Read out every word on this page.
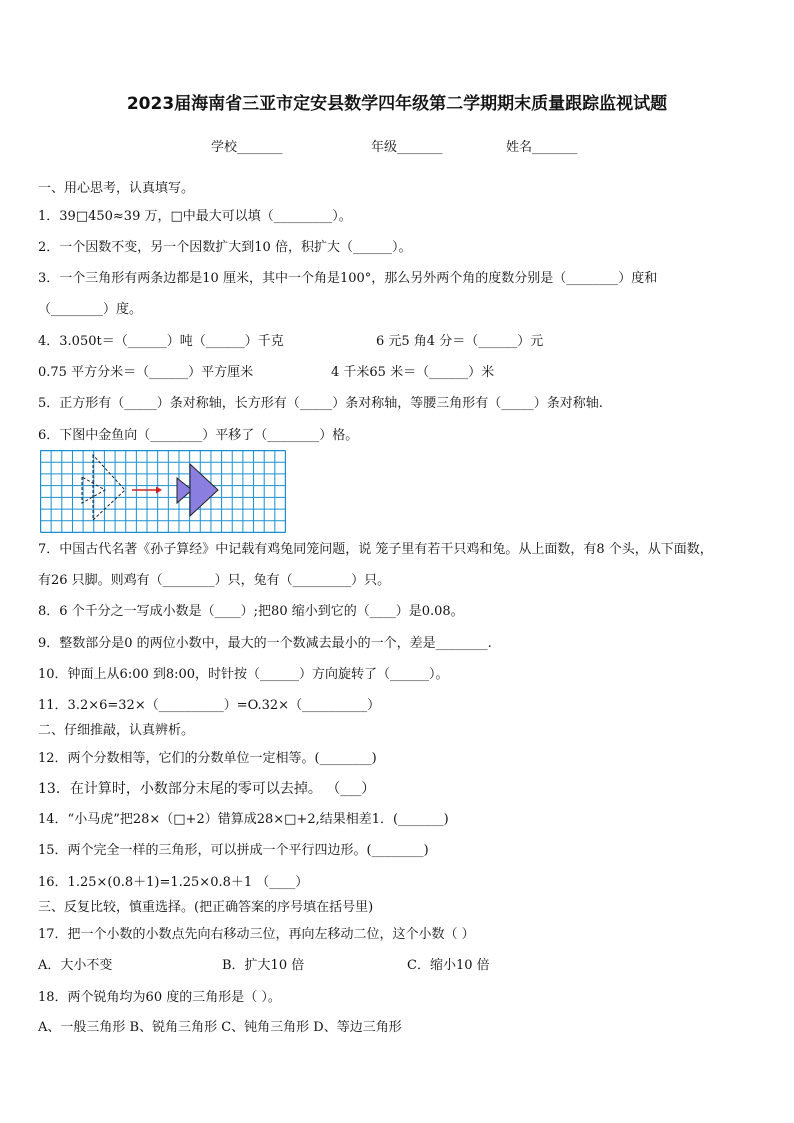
2023届海南省三亚市定安县数学四年级第二学期期末质量跟踪监视试题
学校_______	年级_______	姓名_______
一、用心思考，认真填写。
1．39□450≈39 万，□中最大可以填（_________）。
2．一个因数不变，另一个因数扩大到10 倍，积扩大（______）。
3．一个三角形有两条边都是10 厘米，其中一个角是100°，那么另外两个角的度数分别是（________）度和
（________）度。
4．3.050t＝（______）吨（______）千克	6 元5 角4 分＝（______）元
0.75 平方分米＝（______）平方厘米	4 千米65 米＝（______）米
5．正方形有（_____）条对称轴，长方形有（_____）条对称轴，等腰三角形有（_____）条对称轴.
6．下图中金鱼向（________）平移了（________）格。
7．中国古代名著《孙子算经》中记载有鸡兔同笼问题，说 笼子里有若干只鸡和兔。从上面数，有8 个头，从下面数，
有26 只脚。则鸡有（________）只，兔有（_________）只。
8．6 个千分之一写成小数是（____）;把80 缩小到它的（____）是0.08。
9．整数部分是0 的两位小数中，最大的一个数减去最小的一个，差是________.
10．钟面上从6:00 到8:00，时针按（______）方向旋转了（______）。
11．3.2×6=32×（__________）=O.32×（__________）
二、仔细推敲，认真辨析。
12．两个分数相等，它们的分数单位一定相等。(________)
13．在计算时，小数部分末尾的零可以去掉。 （___）
14．“小马虎”把28×（□+2）错算成28×□+2,结果相差1．(_______)
15．两个完全一样的三角形，可以拼成一个平行四边形。(________)
16．1.25×(0.8＋1)=1.25×0.8＋1 （____）
三、反复比较，慎重选择。(把正确答案的序号填在括号里)
17．把一个小数的小数点先向右移动三位，再向左移动二位，这个小数（ ）
A．大小不变	B．扩大10 倍	C．缩小10 倍
18．两个锐角均为60 度的三角形是（ ）。
A、一般三角形 B、锐角三角形 C、钝角三角形 D、等边三角形
